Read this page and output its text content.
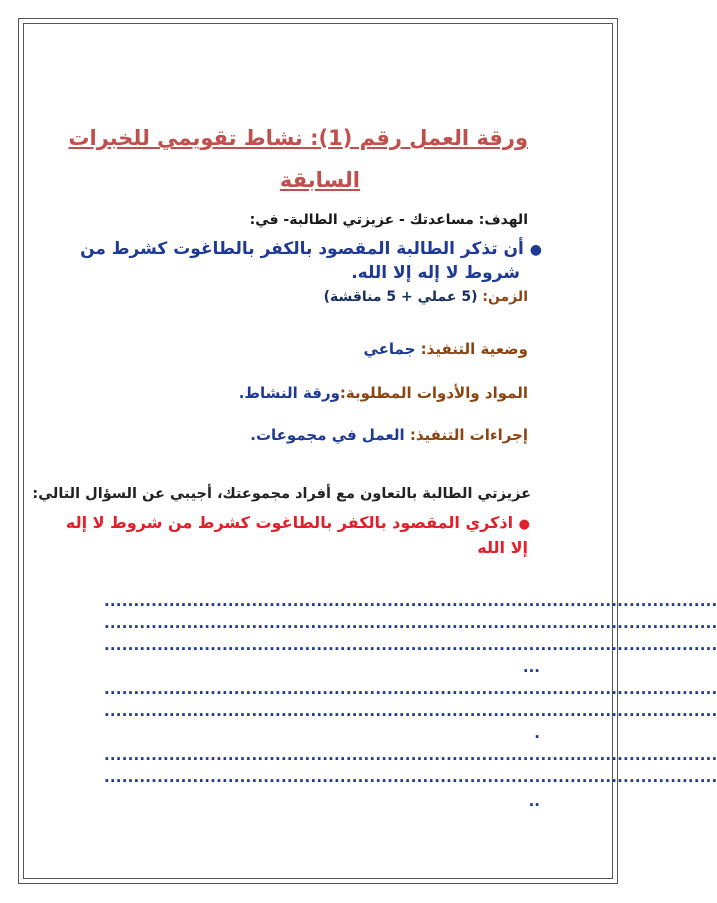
ورقة العمل رقم (1): نشاط تقويمي للخبرات
السابقة
الهدف: مساعدتك - عزيزتي الطالبة- في:
● أن تذكر الطالبة المقصود بالكفر بالطاغوت كشرط من
شروط لا إله إلا الله.
الزمن: (5 عملي + 5 مناقشة)
وضعية التنفيذ: جماعي
المواد والأدوات المطلوبة:ورقة النشاط.
إجراءات التنفيذ: العمل في مجموعات.
عزيزتي الطالبة بالتعاون مع أفراد مجموعتك، أجيبي عن السؤال التالي:
● اذكري المقصود بالكفر بالطاغوت كشرط من شروط لا إله
إلا الله
........................................................................................................
........................................................................................................
........................................................................................................
...
........................................................................................................
........................................................................................................
.
........................................................................................................
........................................................................................................
..
